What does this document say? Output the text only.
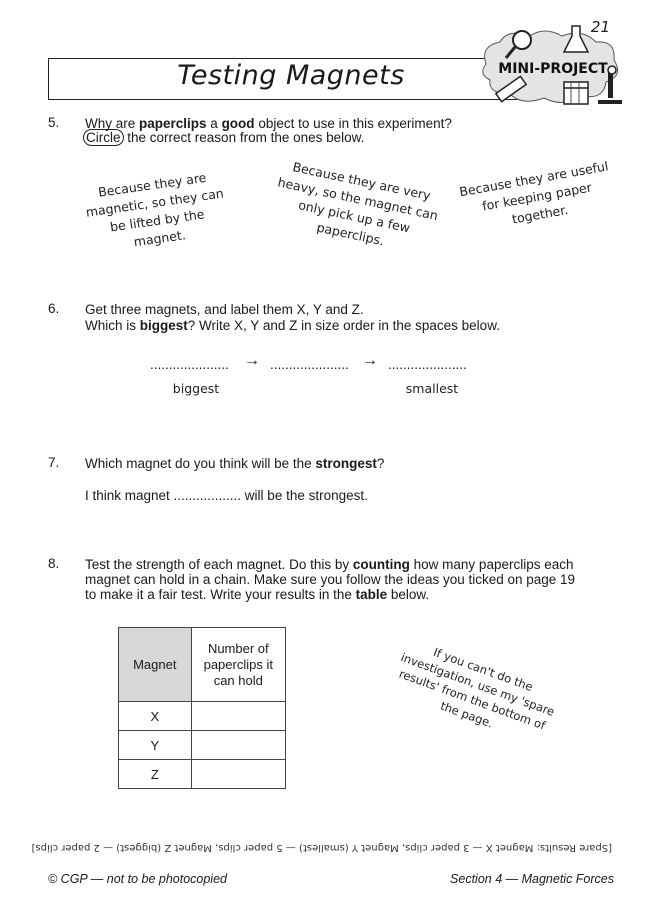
21
Testing Magnets	MINI-PROJECT
5. Why are paperclips a good object to use in this experiment?
Circle the correct reason from the ones below.
Because they are magnetic, so they can be lifted by the magnet.
Because they are very heavy, so the magnet can only pick up a few paperclips.
Because they are useful for keeping paper together.
6. Get three magnets, and label them X, Y and Z.
Which is biggest? Write X, Y and Z in size order in the spaces below.
..................... → ..................... → .....................
biggest	smallest
7. Which magnet do you think will be the strongest?
I think magnet .................. will be the strongest.
8. Test the strength of each magnet. Do this by counting how many paperclips each
magnet can hold in a chain. Make sure you follow the ideas you ticked on page 19
to make it a fair test. Write your results in the table below.
Magnet	Number of paperclips it can hold
X	
Y	
Z	
If you can't do the investigation, use my 'spare results' from the bottom of the page.
[Spare Results: Magnet X — 3 paper clips, Magnet Y (smallest) — 5 paper clips, Magnet Z (biggest) — 2 paper clips]
© CGP — not to be photocopied	Section 4 — Magnetic Forces
